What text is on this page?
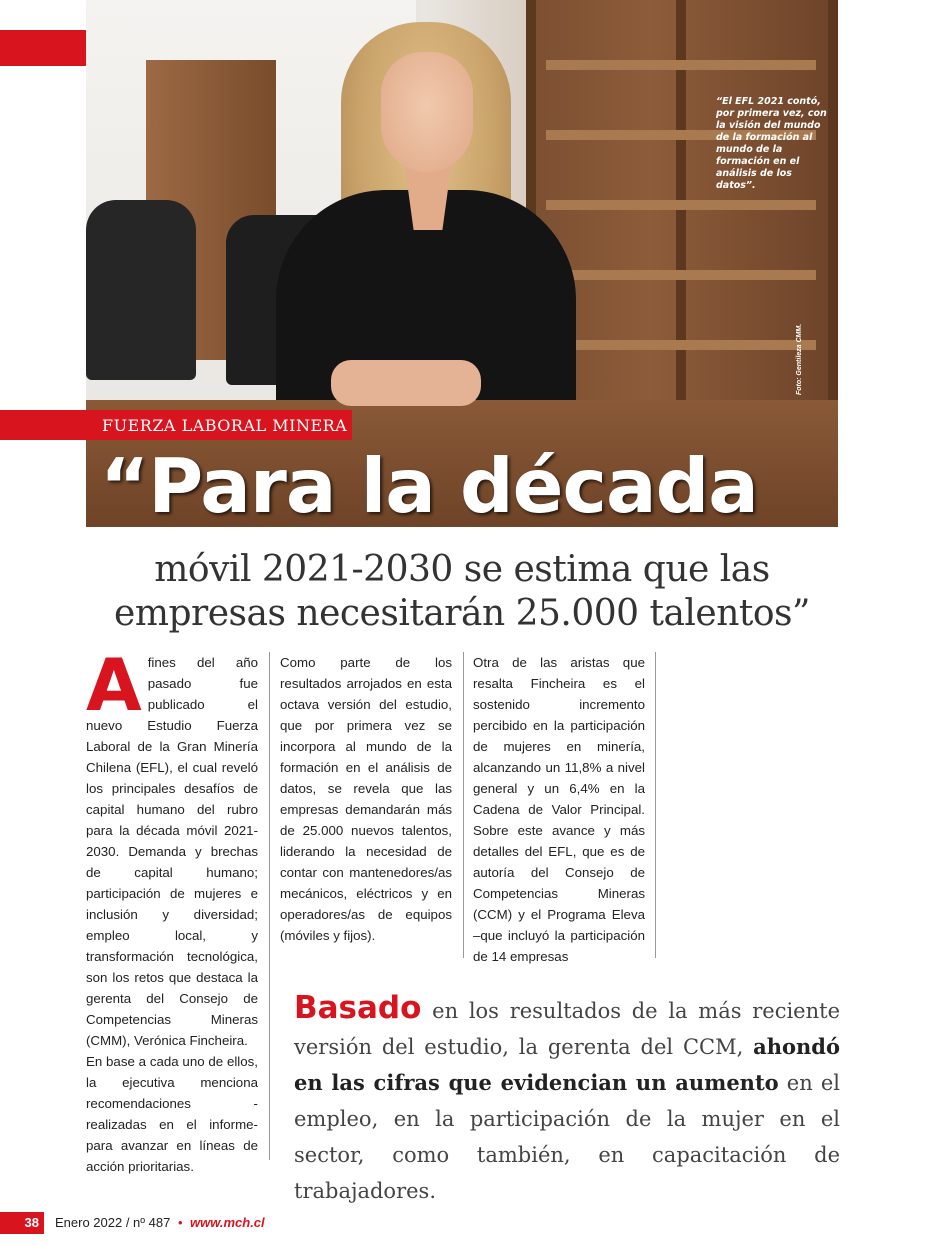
“El EFL 2021 contó, por primera vez, con la visión del mundo de la formación al mundo de la formación en el análisis de los datos”.
Foto: Gentileza CMM.
FUERZA LABORAL MINERA
“Para la década
móvil 2021-2030 se estima que las empresas necesitarán 25.000 talentos”
A fines del año pasado fue publicado el nuevo Estudio Fuerza Laboral de la Gran Minería Chilena (EFL), el cual reveló los principales desafíos de capital humano del rubro para la década móvil 2021-2030. Demanda y brechas de capital humano; participación de mujeres e inclusión y diversidad; empleo local, y transformación tecnológica, son los retos que destaca la gerenta del Consejo de Competencias Mineras (CMM), Verónica Fincheira.

En base a cada uno de ellos, la ejecutiva menciona recomendaciones -realizadas en el informe- para avanzar en líneas de acción prioritarias.

Como parte de los resultados arrojados en esta octava versión del estudio, que por primera vez se incorpora al mundo de la formación en el análisis de datos, se revela que las empresas demandarán más de 25.000 nuevos talentos, liderando la necesidad de contar con mantenedores/as mecánicos, eléctricos y en operadores/as de equipos (móviles y fijos).

Otra de las aristas que resalta Fincheira es el sostenido incremento percibido en la participación de mujeres en minería, alcanzando un 11,8% a nivel general y un 6,4% en la Cadena de Valor Principal. Sobre este avance y más detalles del EFL, que es de autoría del Consejo de Competencias Mineras (CCM) y el Programa Eleva –que incluyó la participación de 14 empresas

Basado en los resultados de la más reciente versión del estudio, la gerenta del CCM, ahondó en las cifras que evidencian un aumento en el empleo, en la participación de la mujer en el sector, como también, en capacitación de trabajadores.
38 Enero 2022 / nº 487 • www.mch.cl
